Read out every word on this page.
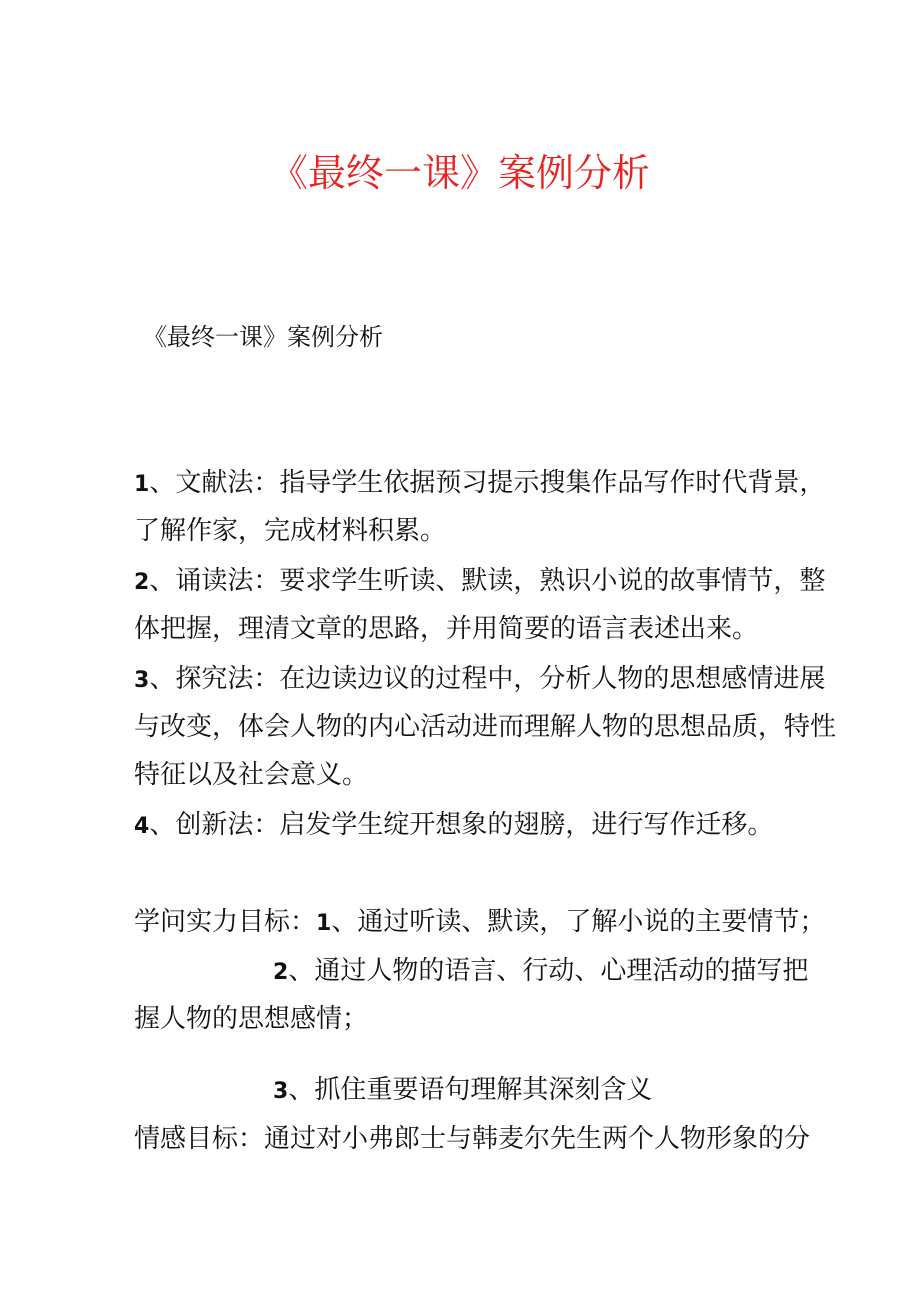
《最终一课》案例分析
《最终一课》案例分析
1、文献法：指导学生依据预习提示搜集作品写作时代背景，
了解作家，完成材料积累。
2、诵读法：要求学生听读、默读，熟识小说的故事情节，整
体把握，理清文章的思路，并用简要的语言表述出来。
3、探究法：在边读边议的过程中，分析人物的思想感情进展
与改变，体会人物的内心活动进而理解人物的思想品质，特性
特征以及社会意义。
4、创新法：启发学生绽开想象的翅膀，进行写作迁移。
学问实力目标：1、通过听读、默读，了解小说的主要情节；
2、通过人物的语言、行动、心理活动的描写把
握人物的思想感情；
3、抓住重要语句理解其深刻含义
情感目标：通过对小弗郎士与韩麦尔先生两个人物形象的分
